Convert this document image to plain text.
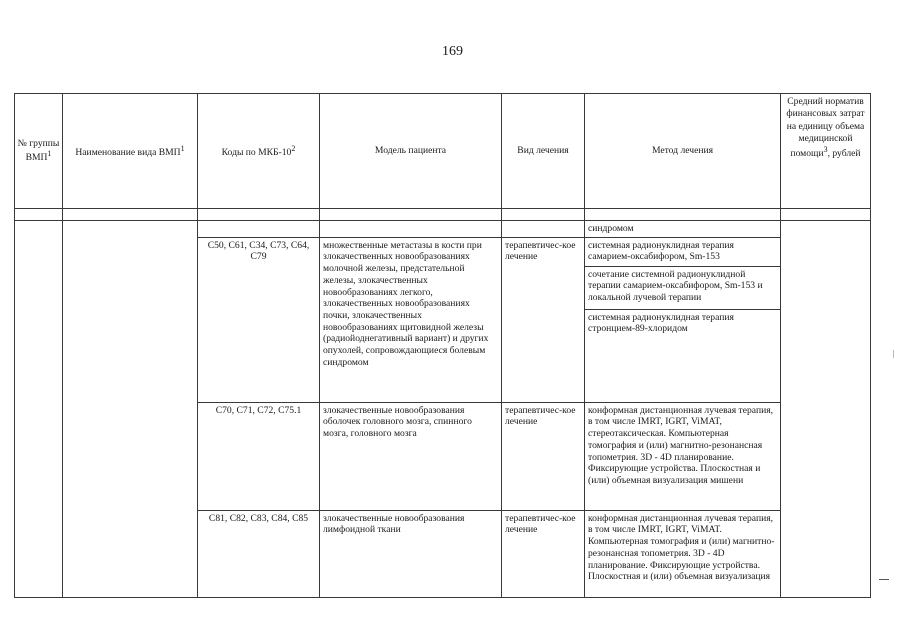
169
№ группы ВМП$^1$	Наименование вида ВМП$^1$	Коды по МКБ-$10^2$	Модель пациента	Вид лечения	Метод лечения	Средний норматив финансовых затрат на единицу объема медицинской помощи$^3$, рублей

					синдромом	
		C50, C61, C34, C73, C64, C79	множественные метастазы в кости при злокачественных новообразованиях молочной железы, предстательной железы, злокачественных новообразованиях легкого, злокачественных новообразованиях почки, злокачественных новообразованиях щитовидной железы (радиойоднегативный вариант) и других опухолей, сопровождающиеся болевым синдромом	терапевтичес-кое лечение	системная радионуклидная терапия самарием-оксабифором, Sm-153	
					сочетание системной радионуклидной терапии самарием-оксабифором, Sm-153 и локальной лучевой терапии	
					системная радионуклидная терапия стронцием-89-хлоридом	
		C70, C71, C72, C75.1	злокачественные новообразования оболочек головного мозга, спинного мозга, головного мозга	терапевтичес-кое лечение	конформная дистанционная лучевая терапия, в том числе IMRT, IGRT, ViMAT, стереотаксическая. Компьютерная томография и (или) магнитно-резонансная топометрия. 3D - 4D планирование. Фиксирующие устройства. Плоскостная и (или) объемная визуализация мишени	
		C81, C82, C83, C84, C85	злокачественные новообразования лимфоидной ткани	терапевтичес-кое лечение	конформная дистанционная лучевая терапия, в том числе IMRT, IGRT, ViMAT. Компьютерная томография и (или) магнитно-резонансная топометрия. 3D - 4D планирование. Фиксирующие устройства. Плоскостная и (или) объемная визуализация	
